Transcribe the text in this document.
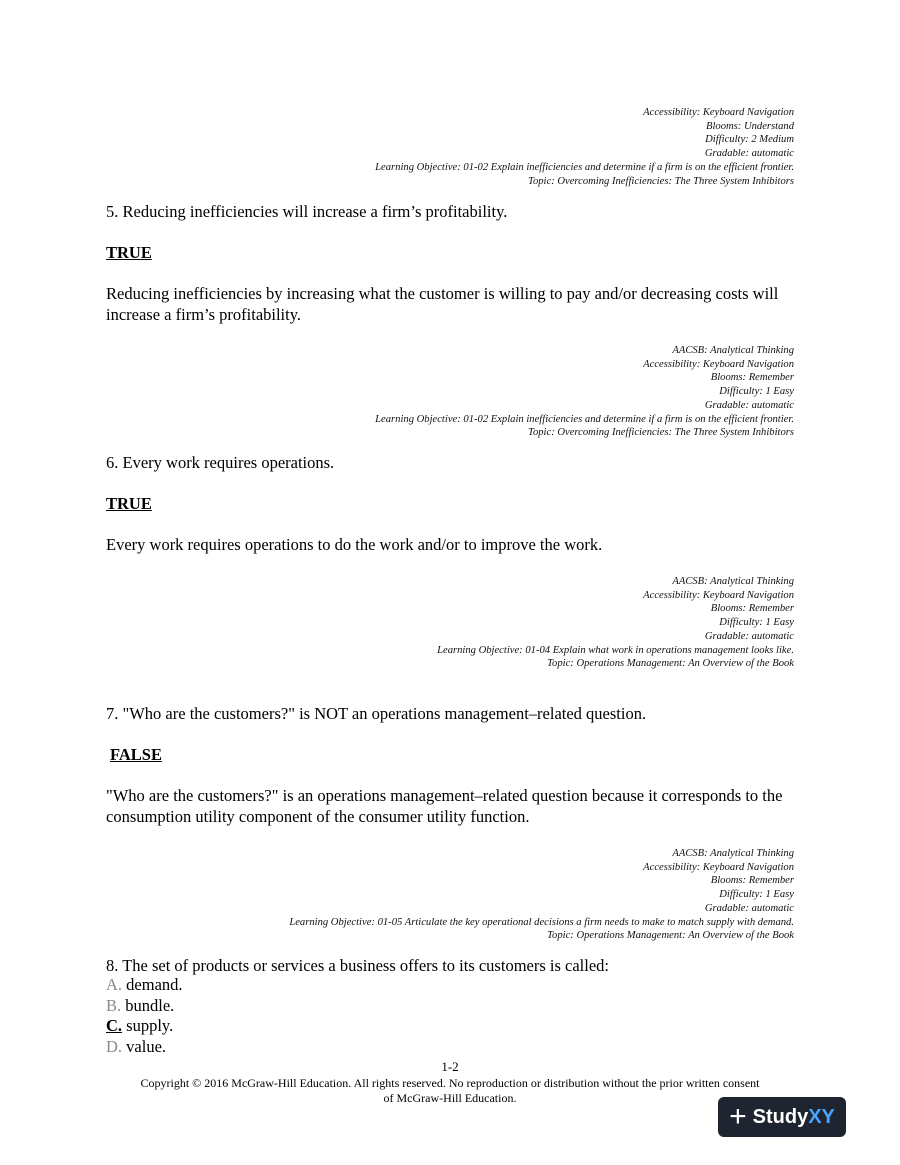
Accessibility: Keyboard Navigation
Blooms: Understand
Difficulty: 2 Medium
Gradable: automatic
Learning Objective: 01-02 Explain inefficiencies and determine if a firm is on the efficient frontier.
Topic: Overcoming Inefficiencies: The Three System Inhibitors
5. Reducing inefficiencies will increase a firm’s profitability.
TRUE
Reducing inefficiencies by increasing what the customer is willing to pay and/or decreasing costs will increase a firm’s profitability.
AACSB: Analytical Thinking
Accessibility: Keyboard Navigation
Blooms: Remember
Difficulty: 1 Easy
Gradable: automatic
Learning Objective: 01-02 Explain inefficiencies and determine if a firm is on the efficient frontier.
Topic: Overcoming Inefficiencies: The Three System Inhibitors
6. Every work requires operations.
TRUE
Every work requires operations to do the work and/or to improve the work.
AACSB: Analytical Thinking
Accessibility: Keyboard Navigation
Blooms: Remember
Difficulty: 1 Easy
Gradable: automatic
Learning Objective: 01-04 Explain what work in operations management looks like.
Topic: Operations Management: An Overview of the Book
7. "Who are the customers?" is NOT an operations management–related question.
FALSE
"Who are the customers?" is an operations management–related question because it corresponds to the consumption utility component of the consumer utility function.
AACSB: Analytical Thinking
Accessibility: Keyboard Navigation
Blooms: Remember
Difficulty: 1 Easy
Gradable: automatic
Learning Objective: 01-05 Articulate the key operational decisions a firm needs to make to match supply with demand.
Topic: Operations Management: An Overview of the Book
8. The set of products or services a business offers to its customers is called:
A. demand.
B. bundle.
C. supply.
D. value.
1-2
Copyright © 2016 McGraw-Hill Education. All rights reserved. No reproduction or distribution without the prior written consent
of McGraw-Hill Education.
+ Study XY
